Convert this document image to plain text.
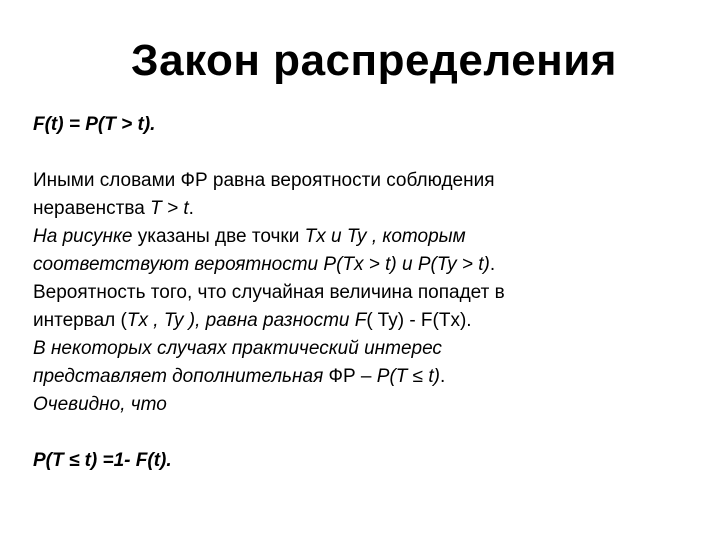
Закон распределения
F(t) = P(T > t).
Иными словами ФР равна вероятности соблюдения
неравенства T > t.
На рисунке указаны две точки Tx и Ty , которым
соответствуют вероятности P(Tx > t) и P(Ty > t).
Вероятность того, что случайная величина попадет в
интервал (Tx , Ty ), равна разности F( Ty) - F(Tx).
В некоторых случаях практический интерес
представляет дополнительная ФР – P(T ≤ t).
Очевидно, что
P(T ≤ t) =1- F(t).
